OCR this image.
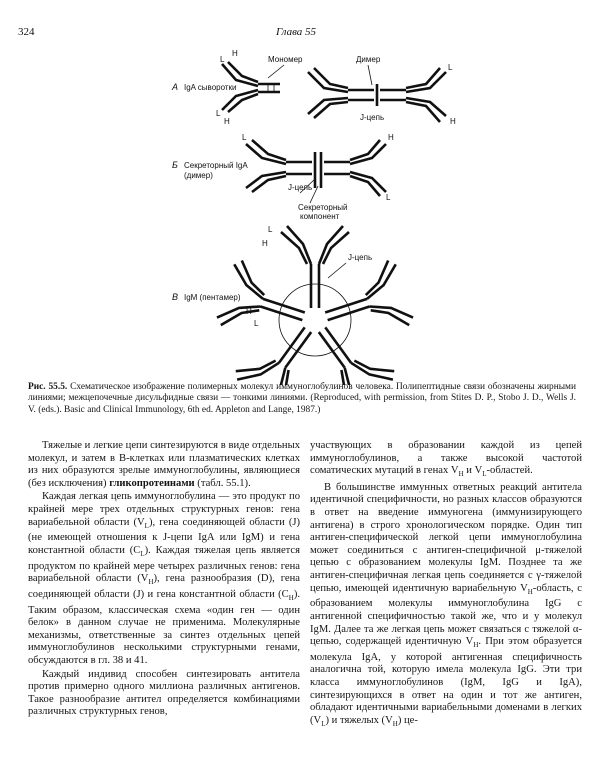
324	Глава 55
А IgA сыворотки
Мономер	Димер
J-цепь
L
H
L
H
L
H
Б Секреторный IgA
(димер)
J-цепь
Секреторный
компонент
L	H
L
В IgM (пентамер)
J-цепь
L
H
H
L
Рис. 55.5. Схематическое изображение полимерных молекул иммуноглобулинов человека. Полипептидные связи обозначены жирными линиями; межцепочечные дисульфидные связи — тонкими линиями. (Reproduced, with permission, from Stites D. P., Stobo J. D., Wells J. V. (eds.). Basic and Clinical Immunology, 6th ed. Appleton and Lange, 1987.)

Тяжелые и легкие цепи синтезируются в виде отдельных молекул, и затем в В-клетках или плазматических клетках из них образуются зрелые иммуноглобулины, являющиеся (без исключения) гликопротеинами (табл. 55.1).

Каждая легкая цепь иммуноглобулина — это продукт по крайней мере трех отдельных структурных генов: гена вариабельной области $(V_L)$, гена соединяющей области (J) (не имеющей отношения к J-цепи IgA или IgM) и гена константной области $(C_L)$. Каждая тяжелая цепь является продуктом по крайней мере четырех различных генов: гена вариабельной области $(V_H)$, гена разнообразия (D), гена соединяющей области (J) и гена константной области $(C_H)$. Таким образом, классическая схема «один ген — один белок» в данном случае не применима. Молекулярные механизмы, ответственные за синтез отдельных цепей иммуноглобулинов несколькими структурными генами, обсуждаются в гл. 38 и 41.

Каждый индивид способен синтезировать антитела против примерно одного миллиона различных антигенов. Такое разнообразие антител определяется комбинациями различных структурных генов,

участвующих в образовании каждой из цепей иммуноглобулинов, а также высокой частотой соматических мутаций в генах $V_H$ и $V_L$-областей.

В большинстве иммунных ответных реакций антитела идентичной специфичности, но разных классов образуются в ответ на введение иммуногена (иммунизирующего антигена) в строго хронологическом порядке. Один тип антиген-специфической легкой цепи иммуноглобулина может соединиться с антиген-специфичной μ-тяжелой цепью с образованием молекулы IgM. Позднее та же антиген-специфичная легкая цепь соединяется с γ-тяжелой цепью, имеющей идентичную вариабельную $V_H$-область, с образованием молекулы иммуноглобулина IgG с антигенной специфичностью такой же, что и у молекул IgM. Далее та же легкая цепь может связаться с тяжелой α-цепью, содержащей идентичную $V_H$. При этом образуется молекула IgA, у которой антигенная специфичность аналогична той, которую имела молекула IgG. Эти три класса иммуноглобулинов (IgM, IgG и IgA), синтезирующихся в ответ на один и тот же антиген, обладают идентичными вариабельными доменами в легких $(V_L)$ и тяжелых $(V_H)$ це-
